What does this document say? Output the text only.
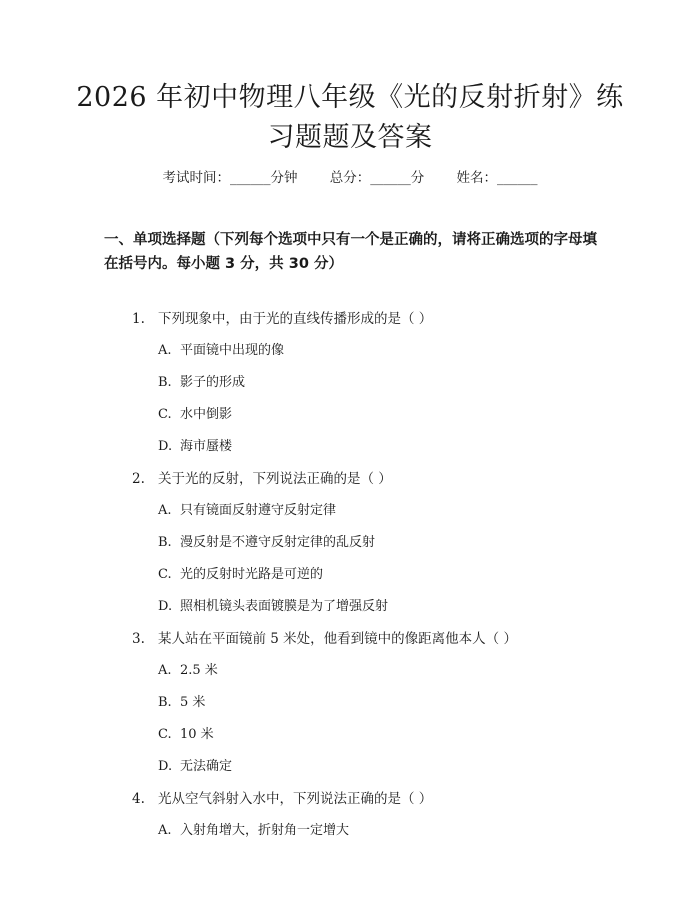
2026 年初中物理八年级《光的反射折射》练
习题题及答案
考试时间：______分钟 总分：______分 姓名：______
一、单项选择题（下列每个选项中只有一个是正确的，请将正确选项的字母填在括号内。每小题 3 分，共 30 分）
1. 下列现象中，由于光的直线传播形成的是（ ）
A. 平面镜中出现的像
B. 影子的形成
C. 水中倒影
D. 海市蜃楼
2. 关于光的反射，下列说法正确的是（ ）
A. 只有镜面反射遵守反射定律
B. 漫反射是不遵守反射定律的乱反射
C. 光的反射时光路是可逆的
D. 照相机镜头表面镀膜是为了增强反射
3. 某人站在平面镜前 5 米处，他看到镜中的像距离他本人（ ）
A. 2.5 米
B. 5 米
C. 10 米
D. 无法确定
4. 光从空气斜射入水中，下列说法正确的是（ ）
A. 入射角增大，折射角一定增大
